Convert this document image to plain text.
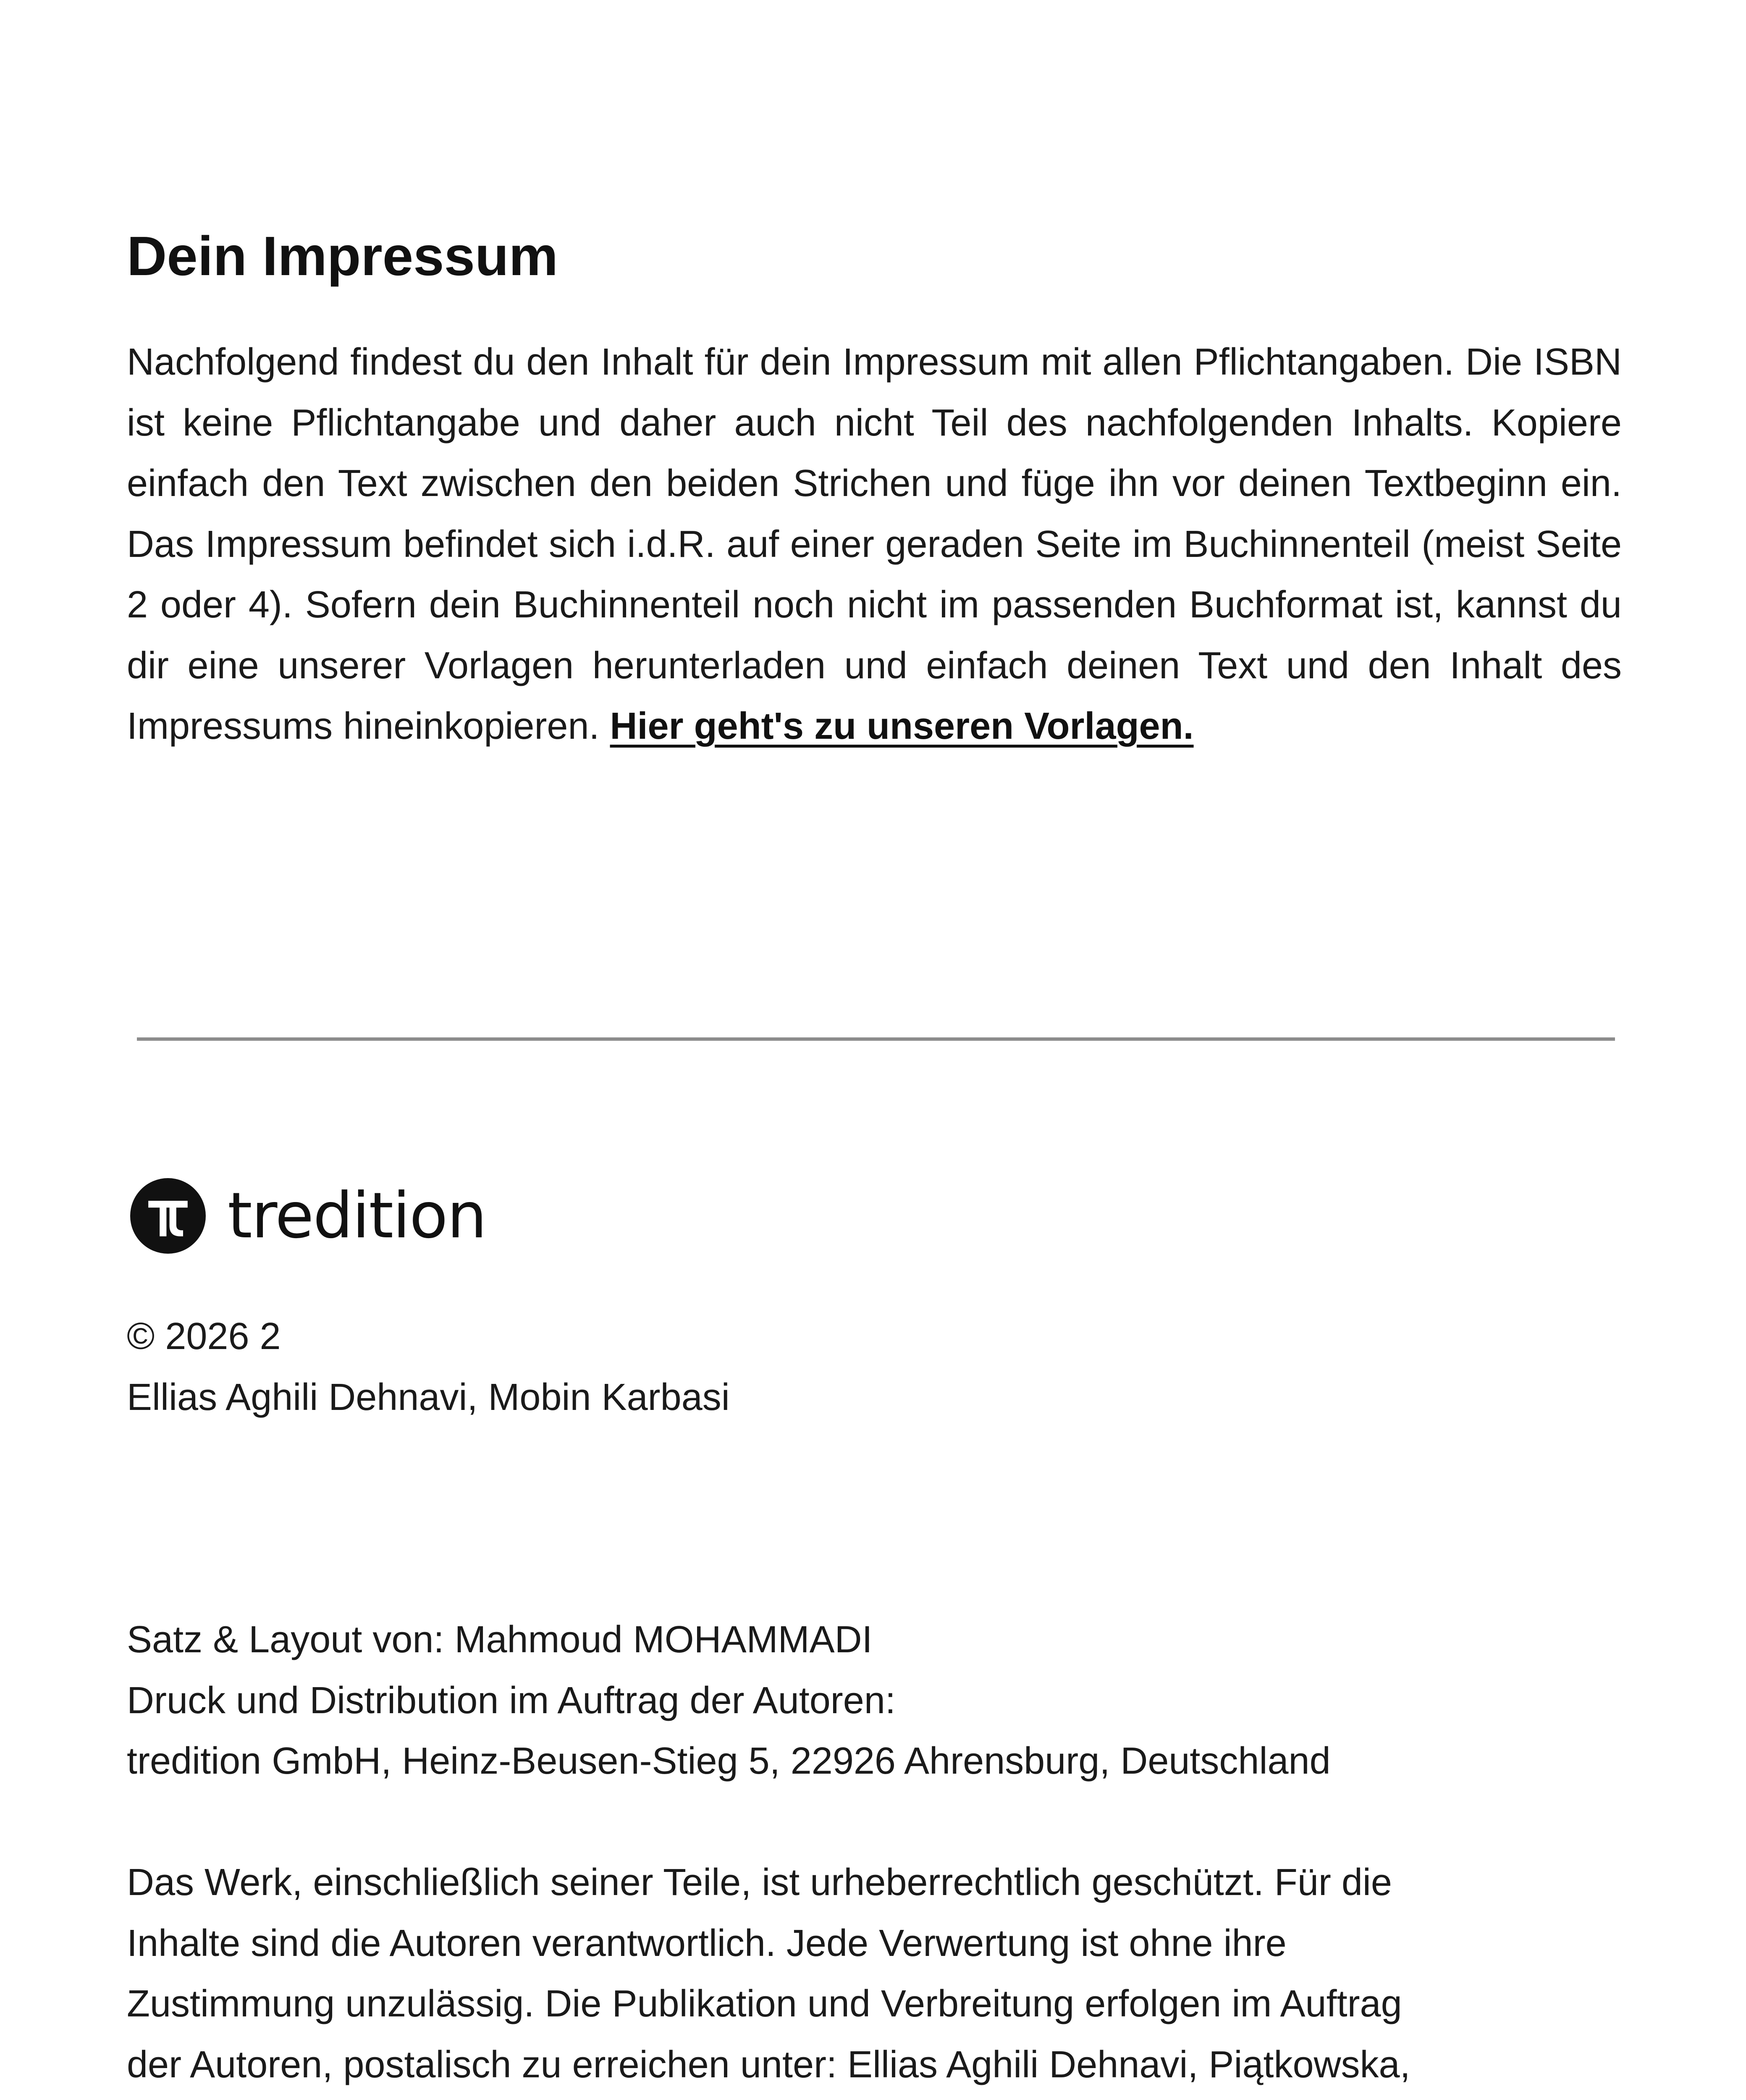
Dein Impressum

Nachfolgend findest du den Inhalt für dein Impressum mit allen Pflichtangaben. Die ISBN ist keine Pflichtangabe und daher auch nicht Teil des nachfolgenden Inhalts. Kopiere einfach den Text zwischen den beiden Strichen und füge ihn vor deinen Textbeginn ein. Das Impressum befindet sich i.d.R. auf einer geraden Seite im Buchinnenteil (meist Seite 2 oder 4). Sofern dein Buchinnenteil noch nicht im passenden Buchformat ist, kannst du dir eine unserer Vorlagen herunterladen und einfach deinen Text und den Inhalt des Impressums hineinkopieren. Hier geht's zu unseren Vorlagen.

tredition

© 2026 2
Ellias Aghili Dehnavi, Mobin Karbasi

Satz & Layout von: Mahmoud MOHAMMADI
Druck und Distribution im Auftrag der Autoren:
tredition GmbH, Heinz-Beusen-Stieg 5, 22926 Ahrensburg, Deutschland

Das Werk, einschließlich seiner Teile, ist urheberrechtlich geschützt. Für die
Inhalte sind die Autoren verantwortlich. Jede Verwertung ist ohne ihre
Zustimmung unzulässig. Die Publikation und Verbreitung erfolgen im Auftrag
der Autoren, postalisch zu erreichen unter: Ellias Aghili Dehnavi, Piątkowska,
